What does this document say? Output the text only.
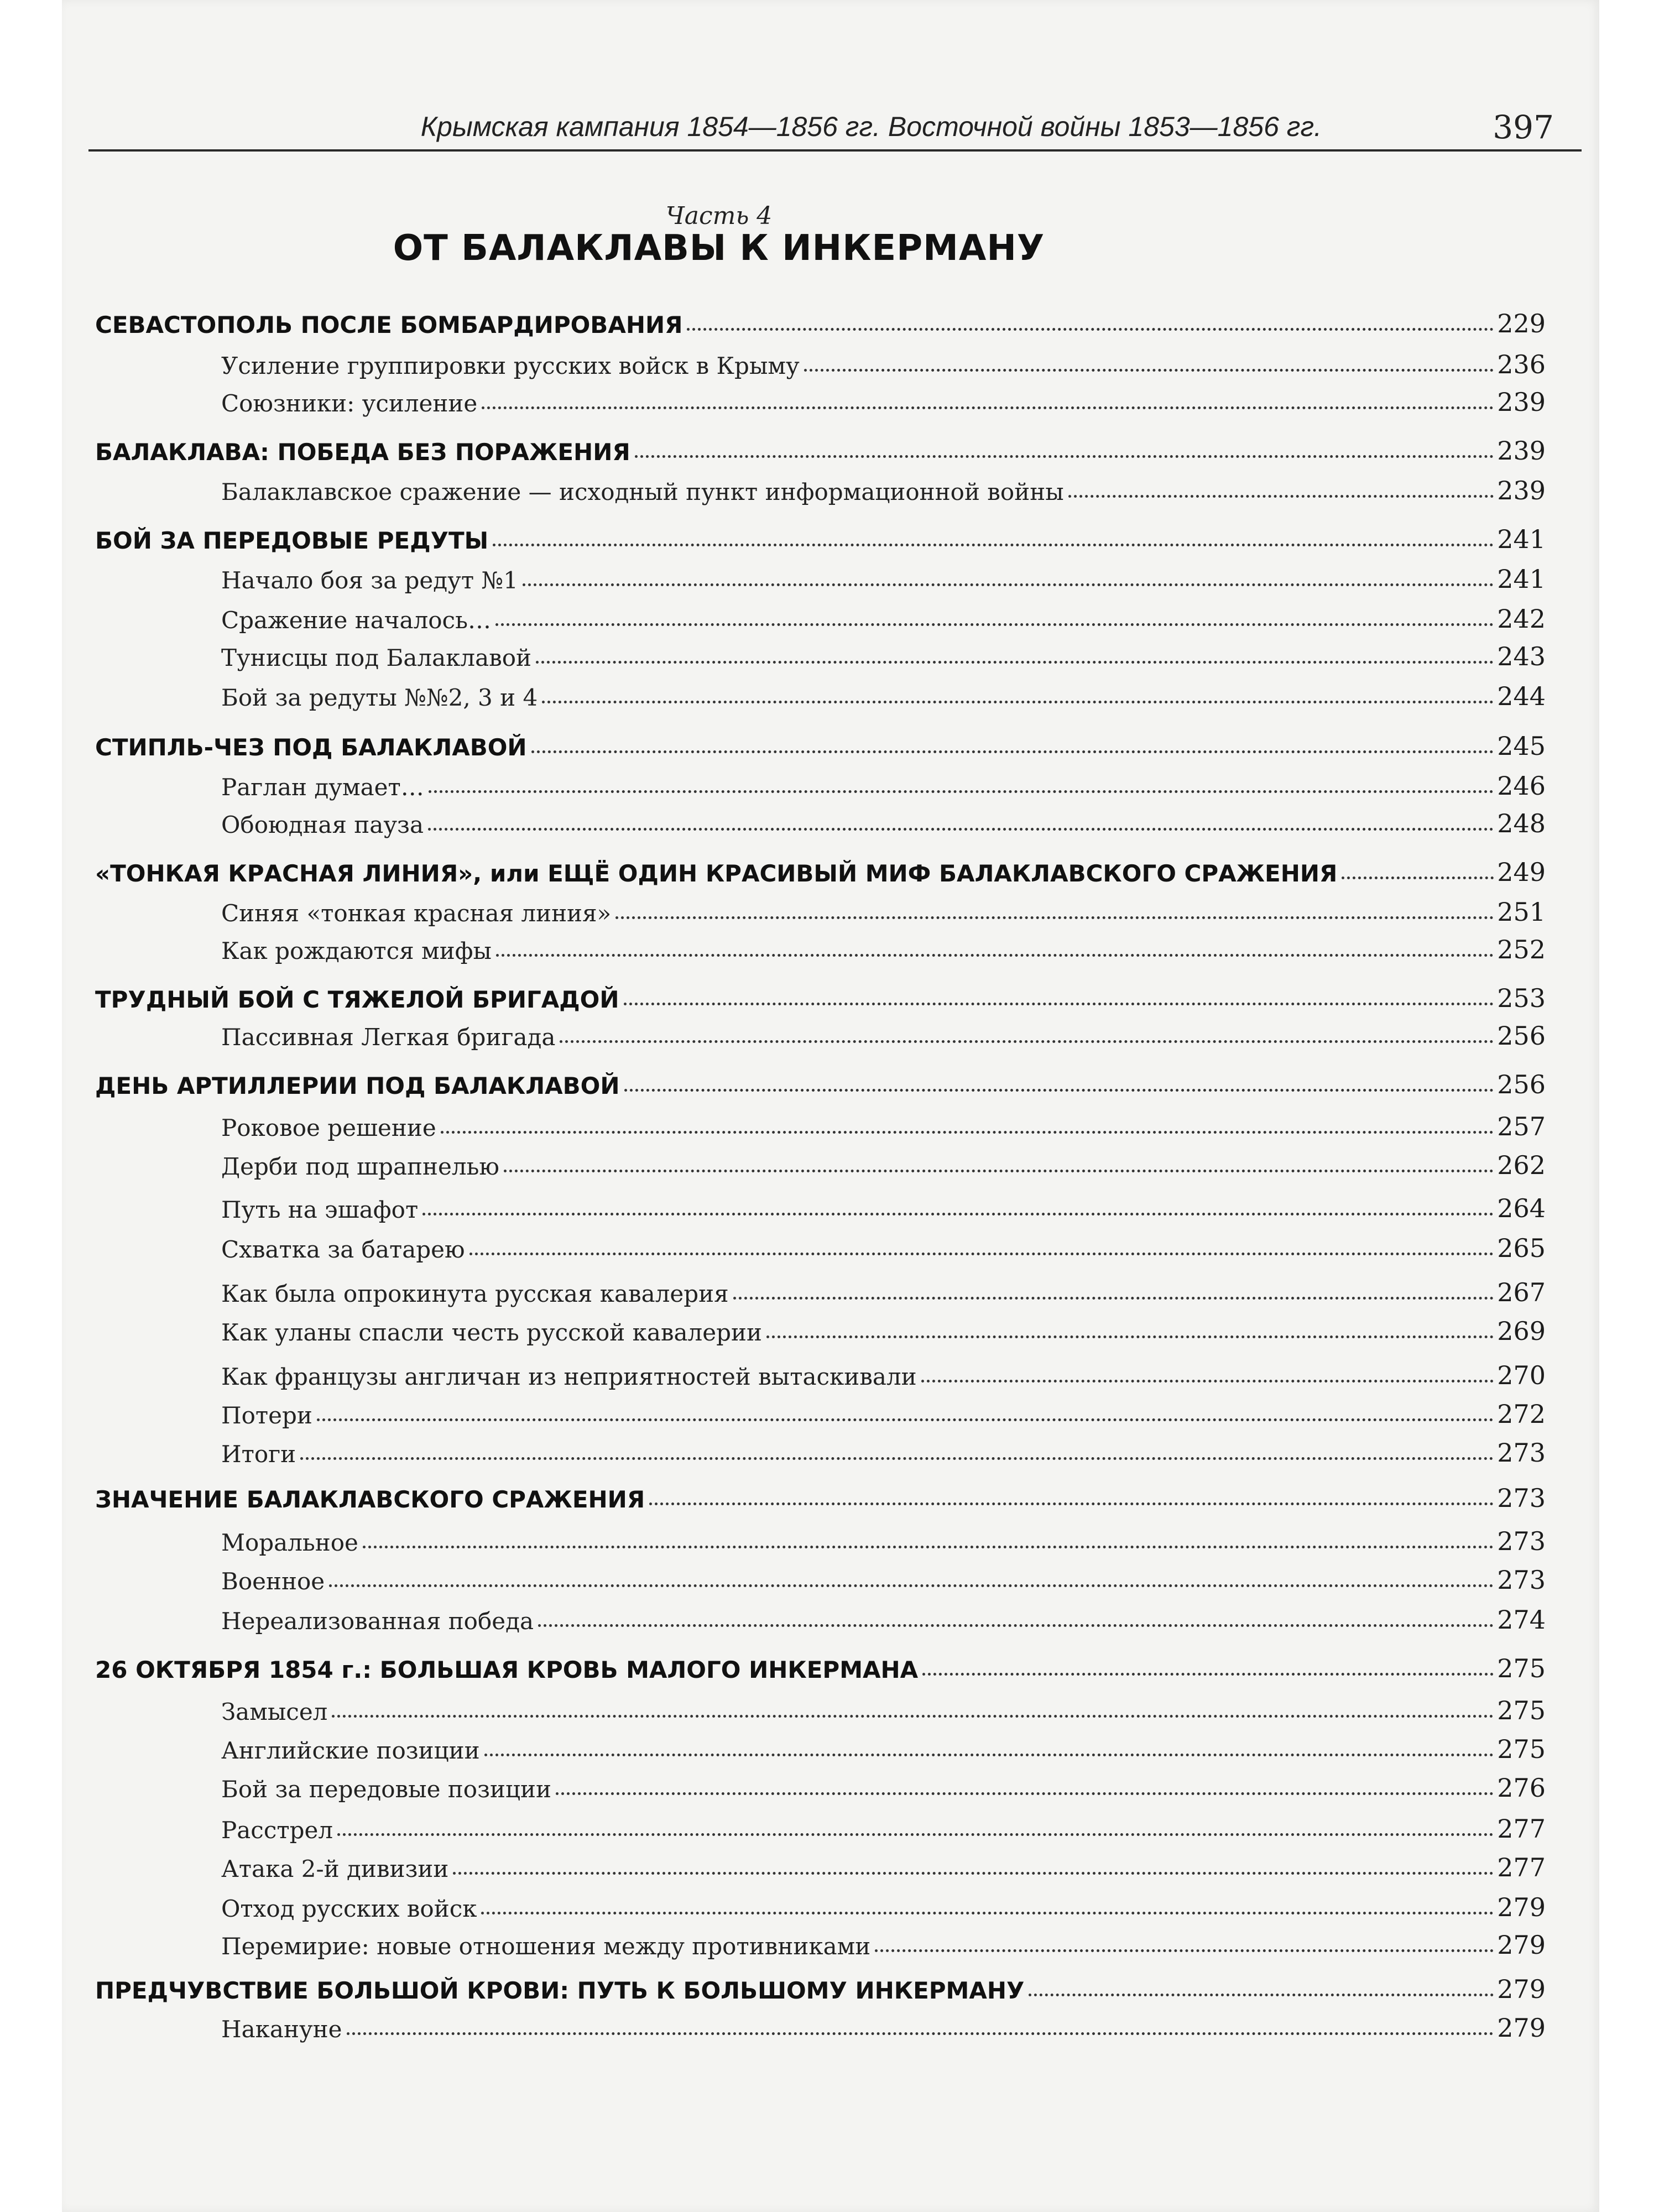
Крымская кампания 1854—1856 гг. Восточной войны 1853—1856 гг.	397
Часть 4
ОТ БАЛАКЛАВЫ К ИНКЕРМАНУ
СЕВАСТОПОЛЬ ПОСЛЕ БОМБАРДИРОВАНИЯ	229
Усиление группировки русских войск в Крыму	236
Союзники: усиление	239
БАЛАКЛАВА: ПОБЕДА БЕЗ ПОРАЖЕНИЯ	239
Балаклавское сражение — исходный пункт информационной войны	239
БОЙ ЗА ПЕРЕДОВЫЕ РЕДУТЫ	241
Начало боя за редут №1	241
Сражение началось…	242
Тунисцы под Балаклавой	243
Бой за редуты №№2, 3 и 4	244
СТИПЛЬ-ЧЕЗ ПОД БАЛАКЛАВОЙ	245
Раглан думает…	246
Обоюдная пауза	248
«ТОНКАЯ КРАСНАЯ ЛИНИЯ», или ЕЩЁ ОДИН КРАСИВЫЙ МИФ БАЛАКЛАВСКОГО СРАЖЕНИЯ	249
Синяя «тонкая красная линия»	251
Как рождаются мифы	252
ТРУДНЫЙ БОЙ С ТЯЖЕЛОЙ БРИГАДОЙ	253
Пассивная Легкая бригада	256
ДЕНЬ АРТИЛЛЕРИИ ПОД БАЛАКЛАВОЙ	256
Роковое решение	257
Дерби под шрапнелью	262
Путь на эшафот	264
Схватка за батарею	265
Как была опрокинута русская кавалерия	267
Как уланы спасли честь русской кавалерии	269
Как французы англичан из неприятностей вытаскивали	270
Потери	272
Итоги	273
ЗНАЧЕНИЕ БАЛАКЛАВСКОГО СРАЖЕНИЯ	273
Моральное	273
Военное	273
Нереализованная победа	274
26 ОКТЯБРЯ 1854 г.: БОЛЬШАЯ КРОВЬ МАЛОГО ИНКЕРМАНА	275
Замысел	275
Английские позиции	275
Бой за передовые позиции	276
Расстрел	277
Атака 2-й дивизии	277
Отход русских войск	279
Перемирие: новые отношения между противниками	279
ПРЕДЧУВСТВИЕ БОЛЬШОЙ КРОВИ: ПУТЬ К БОЛЬШОМУ ИНКЕРМАНУ	279
Накануне	279
